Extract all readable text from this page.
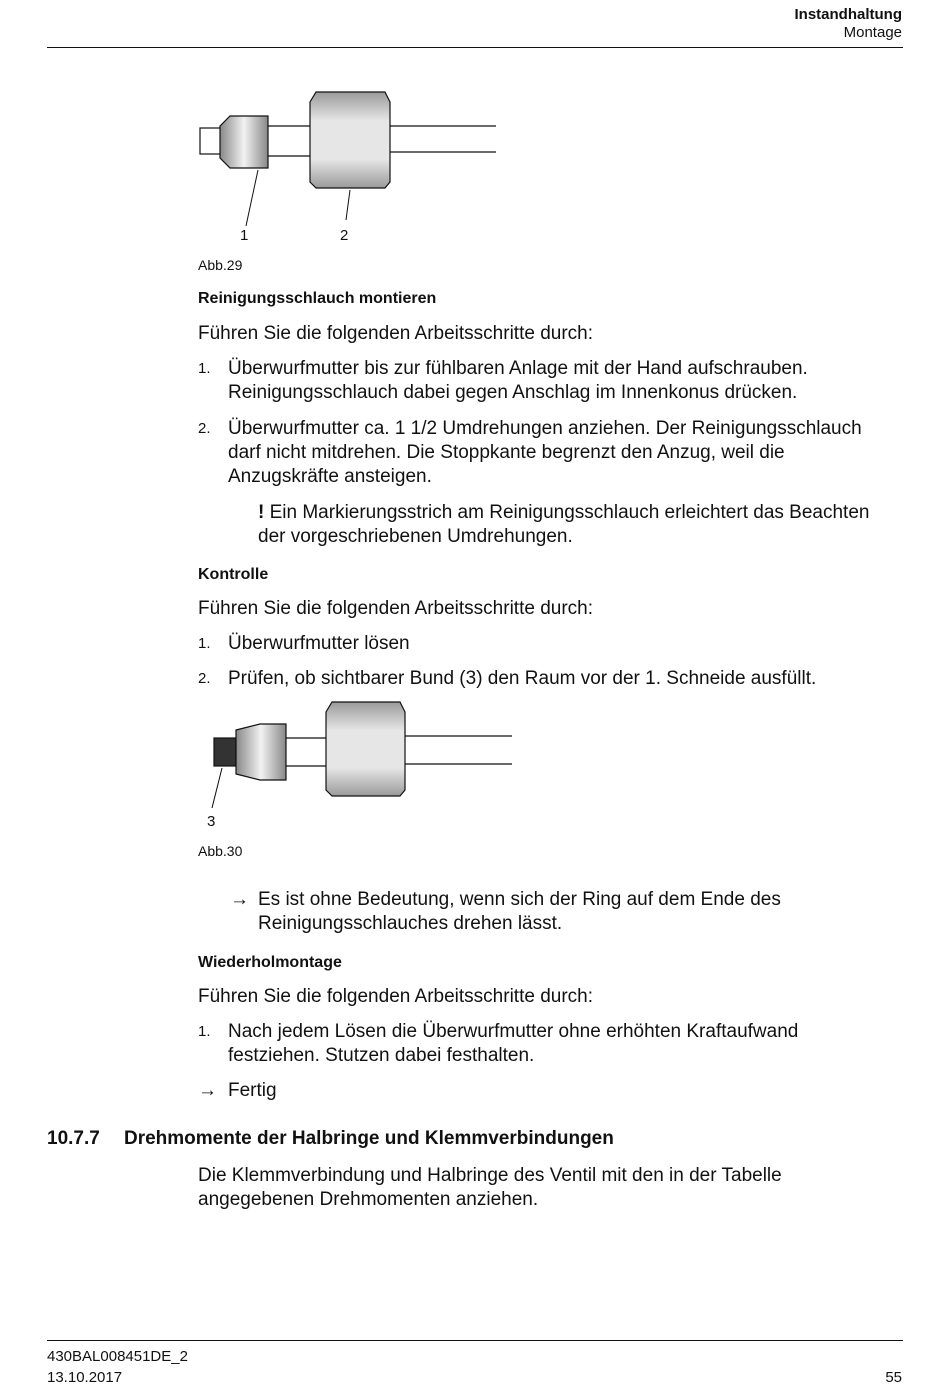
Instandhaltung
Montage
1	2
Abb.29
Reinigungsschlauch montieren
Führen Sie die folgenden Arbeitsschritte durch:
1. Überwurfmutter bis zur fühlbaren Anlage mit der Hand aufschrauben.
Reinigungsschlauch dabei gegen Anschlag im Innenkonus drücken.
2. Überwurfmutter ca. 1 1/2 Umdrehungen anziehen. Der Reinigungsschlauch
darf nicht mitdrehen. Die Stoppkante begrenzt den Anzug, weil die
Anzugskräfte ansteigen.
! Ein Markierungsstrich am Reinigungsschlauch erleichtert das Beachten
der vorgeschriebenen Umdrehungen.
Kontrolle
Führen Sie die folgenden Arbeitsschritte durch:
1. Überwurfmutter lösen
2. Prüfen, ob sichtbarer Bund (3) den Raum vor der 1. Schneide ausfüllt.
3
Abb.30
→ Es ist ohne Bedeutung, wenn sich der Ring auf dem Ende des
Reinigungsschlauches drehen lässt.
Wiederholmontage
Führen Sie die folgenden Arbeitsschritte durch:
1. Nach jedem Lösen die Überwurfmutter ohne erhöhten Kraftaufwand
festziehen. Stutzen dabei festhalten.
→ Fertig
10.7.7 Drehmomente der Halbringe und Klemmverbindungen
Die Klemmverbindung und Halbringe des Ventil mit den in der Tabelle
angegebenen Drehmomenten anziehen.
430BAL008451DE_2
13.10.2017	55
